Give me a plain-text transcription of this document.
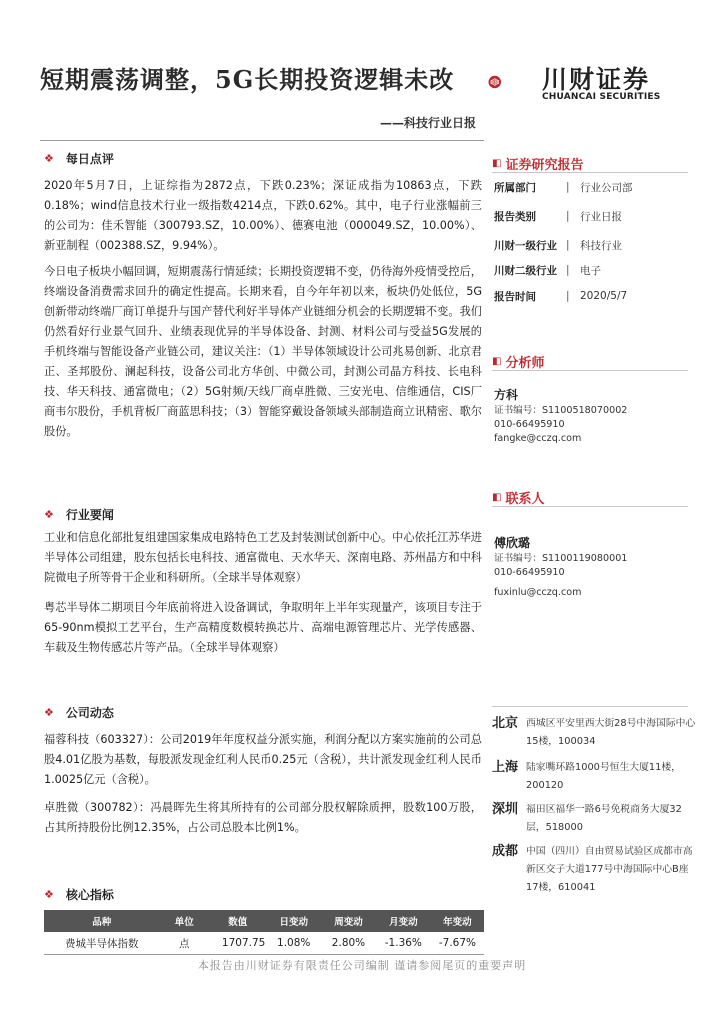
短期震荡调整，5G长期投资逻辑未改
——科技行业日报
川财证券
CHUANCAI SECURITIES
❖ 每日点评

2020年5月7日，上证综指为2872点，下跌0.23%；深证成指为10863点，下跌0.18%；wind信息技术行业一级指数4214点，下跌0.62%。其中，电子行业涨幅前三的公司为：佳禾智能（300793.SZ，10.00%）、德赛电池（000049.SZ，10.00%）、新亚制程（002388.SZ，9.94%）。

今日电子板块小幅回调，短期震荡行情延续；长期投资逻辑不变，仍待海外疫情受控后，终端设备消费需求回升的确定性提高。长期来看，自今年年初以来，板块仍处低位，5G创新带动终端厂商订单提升与国产替代利好半导体产业链细分机会的长期逻辑不变。我们仍然看好行业景气回升、业绩表现优异的半导体设备、封测、材料公司与受益5G发展的手机终端与智能设备产业链公司，建议关注：（1）半导体领域设计公司兆易创新、北京君正、圣邦股份、澜起科技，设备公司北方华创、中微公司，封测公司晶方科技、长电科技、华天科技、通富微电；（2）5G射频/天线厂商卓胜微、三安光电、信维通信，CIS厂商韦尔股份，手机背板厂商蓝思科技；（3）智能穿戴设备领域头部制造商立讯精密、歌尔股份。

❖ 行业要闻

工业和信息化部批复组建国家集成电路特色工艺及封装测试创新中心。中心依托江苏华进半导体公司组建，股东包括长电科技、通富微电、天水华天、深南电路、苏州晶方和中科院微电子所等骨干企业和科研所。（全球半导体观察）

粤芯半导体二期项目今年底前将进入设备调试，争取明年上半年实现量产，该项目专注于65-90nm模拟工艺平台，生产高精度数模转换芯片、高端电源管理芯片、光学传感器、车载及生物传感芯片等产品。（全球半导体观察）

❖ 公司动态

福蓉科技（603327）：公司2019年年度权益分派实施，利润分配以方案实施前的公司总股4.01亿股为基数，每股派发现金红利人民币0.25元（含税），共计派发现金红利人民币1.0025亿元（含税）。

卓胜微（300782）：冯晨晖先生将其所持有的公司部分股权解除质押，股数100万股，占其所持股份比例12.35%，占公司总股本比例1%。

❖ 核心指标
品种	单位	数值	日变动	周变动	月变动	年变动
费城半导体指数	点	1707.75	1.08%	2.80%	-1.36%	-7.67%
◧ 证券研究报告
所属部门	| 行业公司部
报告类别	| 行业日报
川财一级行业 | 科技行业
川财二级行业 | 电子
报告时间	| 2020/5/7
◧ 分析师
方科
证书编号：S1100518070002
010-66495910
fangke@cczq.com
◧ 联系人
傅欣璐
证书编号：S1100119080001
010-66495910
fuxinlu@cczq.com
北京 西城区平安里西大街28号中海国际中心15楼，100034
上海 陆家嘴环路1000号恒生大厦11楼，200120
深圳 福田区福华一路6号免税商务大厦32层，518000
成都 中国（四川）自由贸易试验区成都市高新区交子大道177号中海国际中心B座17楼，610041
本报告由川财证券有限责任公司编制 谨请参阅尾页的重要声明
